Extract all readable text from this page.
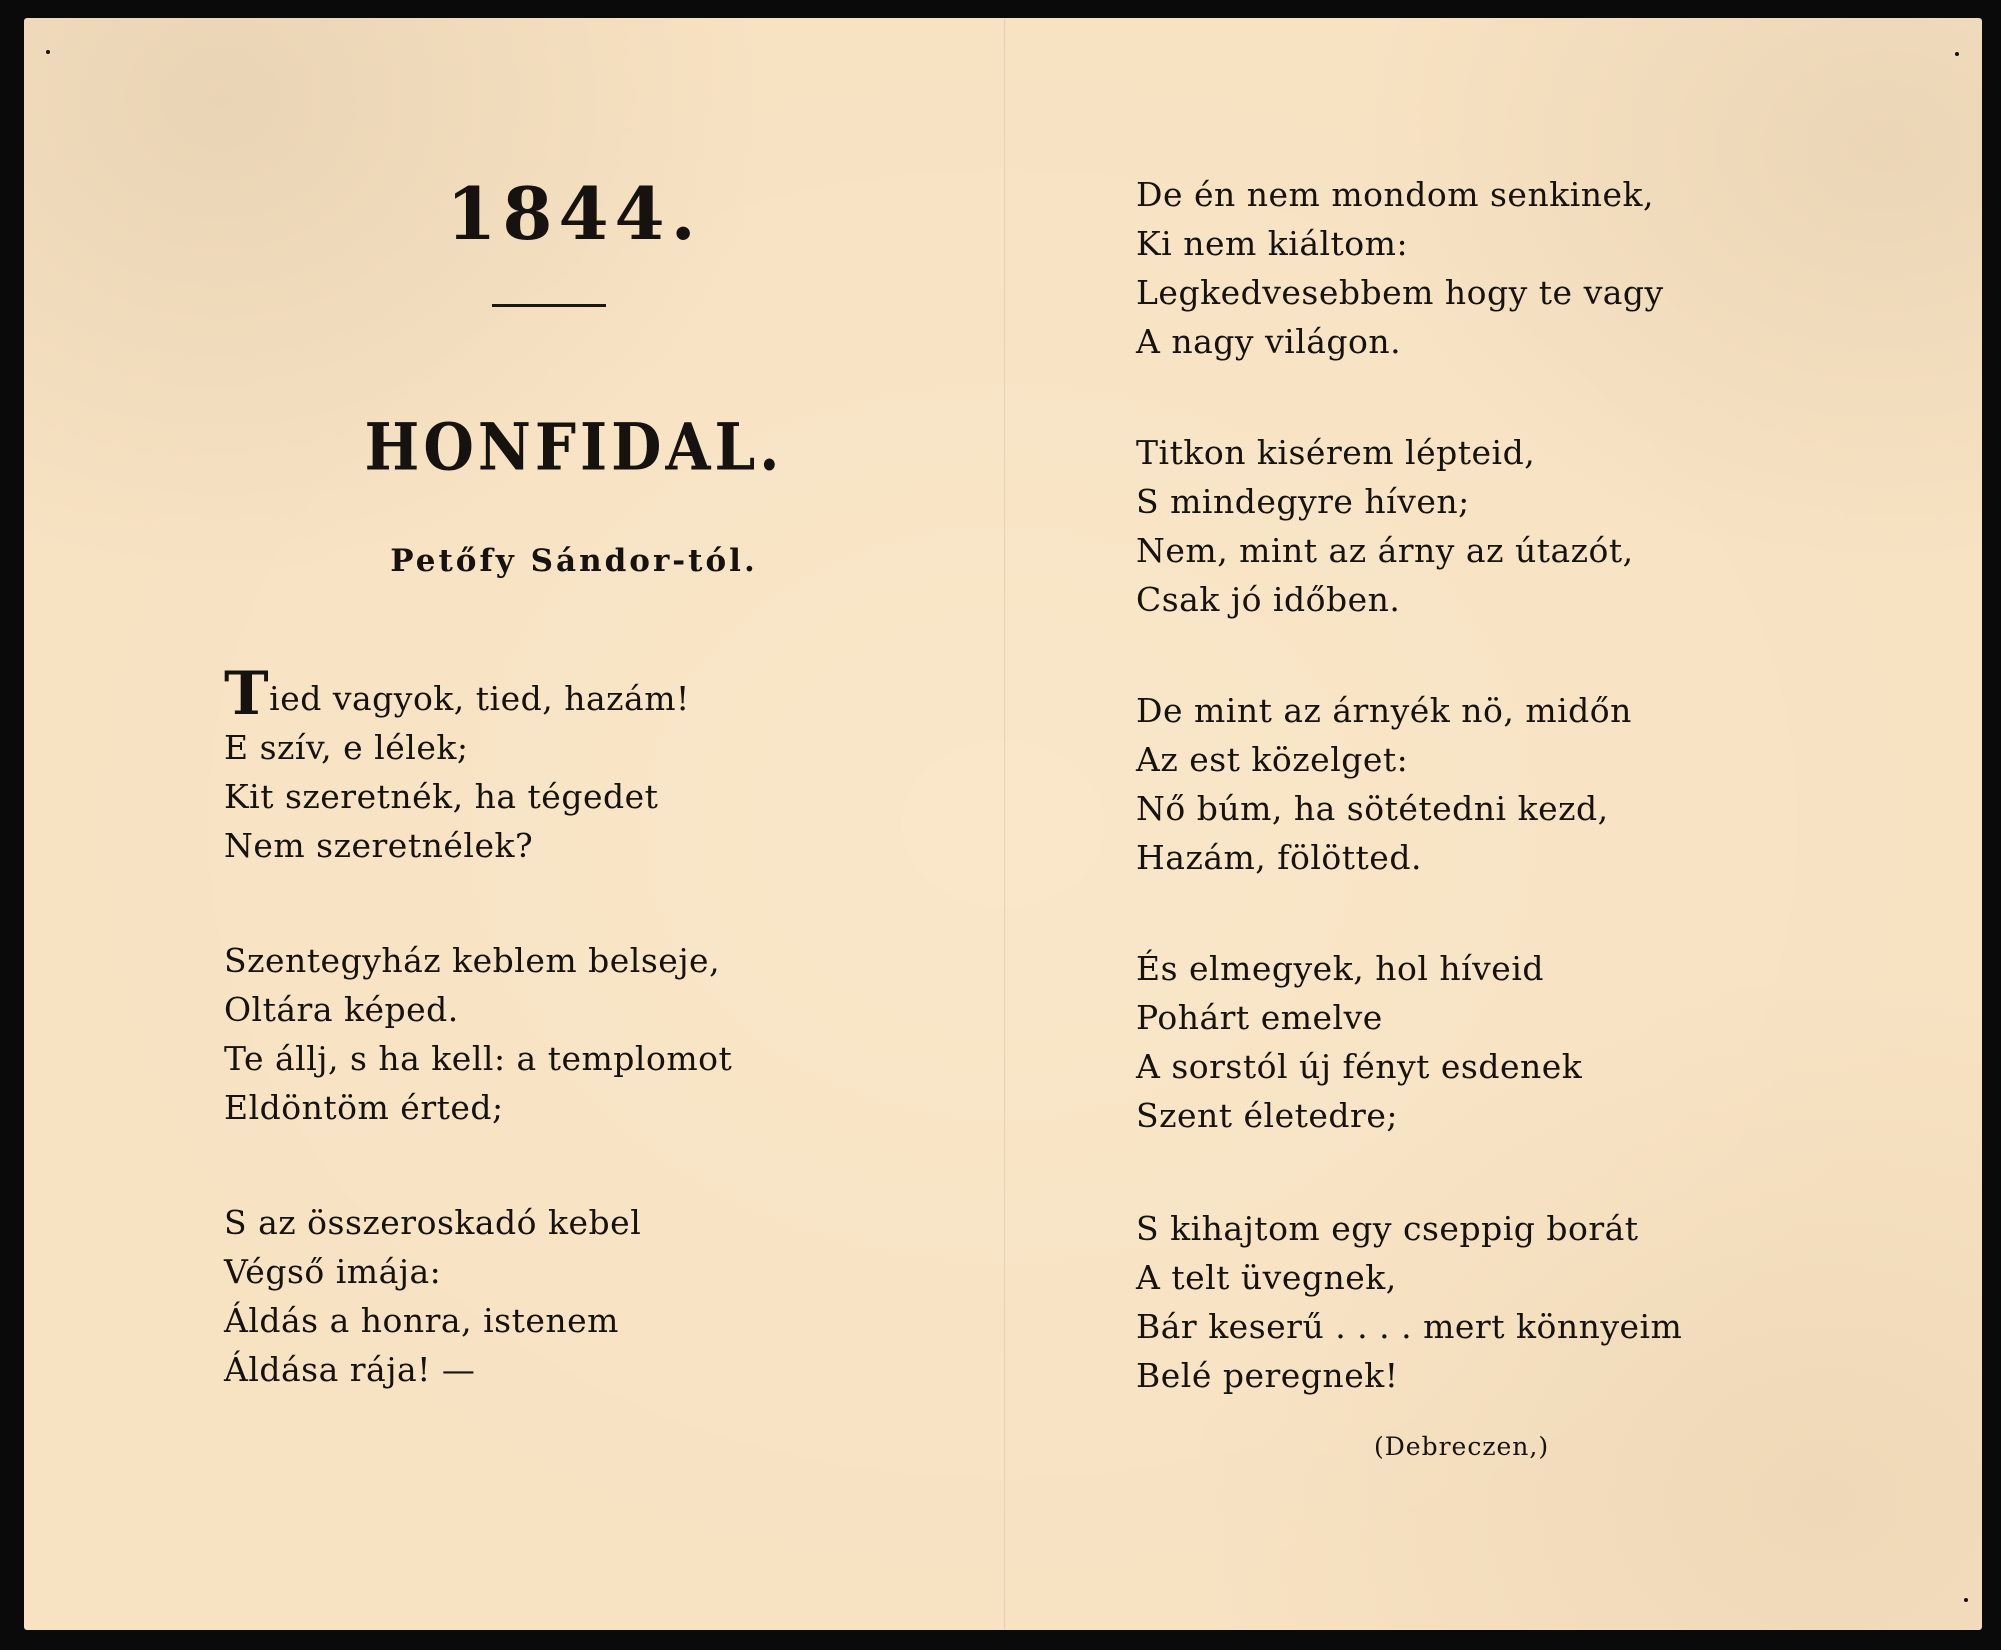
1844.
HONFIDAL.
Petőfy Sándor-tól.
Tied vagyok, tied, hazám!
E szív, e lélek;
Kit szeretnék, ha tégedet
Nem szeretnélek?
Szentegyház keblem belseje,
Oltára képed.
Te állj, s ha kell: a templomot
Eldöntöm érted;
S az összeroskadó kebel
Végső imája:
Áldás a honra, istenem
Áldása rája! —
De én nem mondom senkinek,
Ki nem kiáltom:
Legkedvesebbem hogy te vagy
A nagy világon.
Titkon kisérem lépteid,
S mindegyre híven;
Nem, mint az árny az útazót,
Csak jó időben.
De mint az árnyék nö, midőn
Az est közelget:
Nő búm, ha sötétedni kezd,
Hazám, fölötted.
És elmegyek, hol híveid
Pohárt emelve
A sorstól új fényt esdenek
Szent életedre;
S kihajtom egy cseppig borát
A telt üvegnek,
Bár keserű . . . . mert könnyeim
Belé peregnek!
(Debreczen,)
